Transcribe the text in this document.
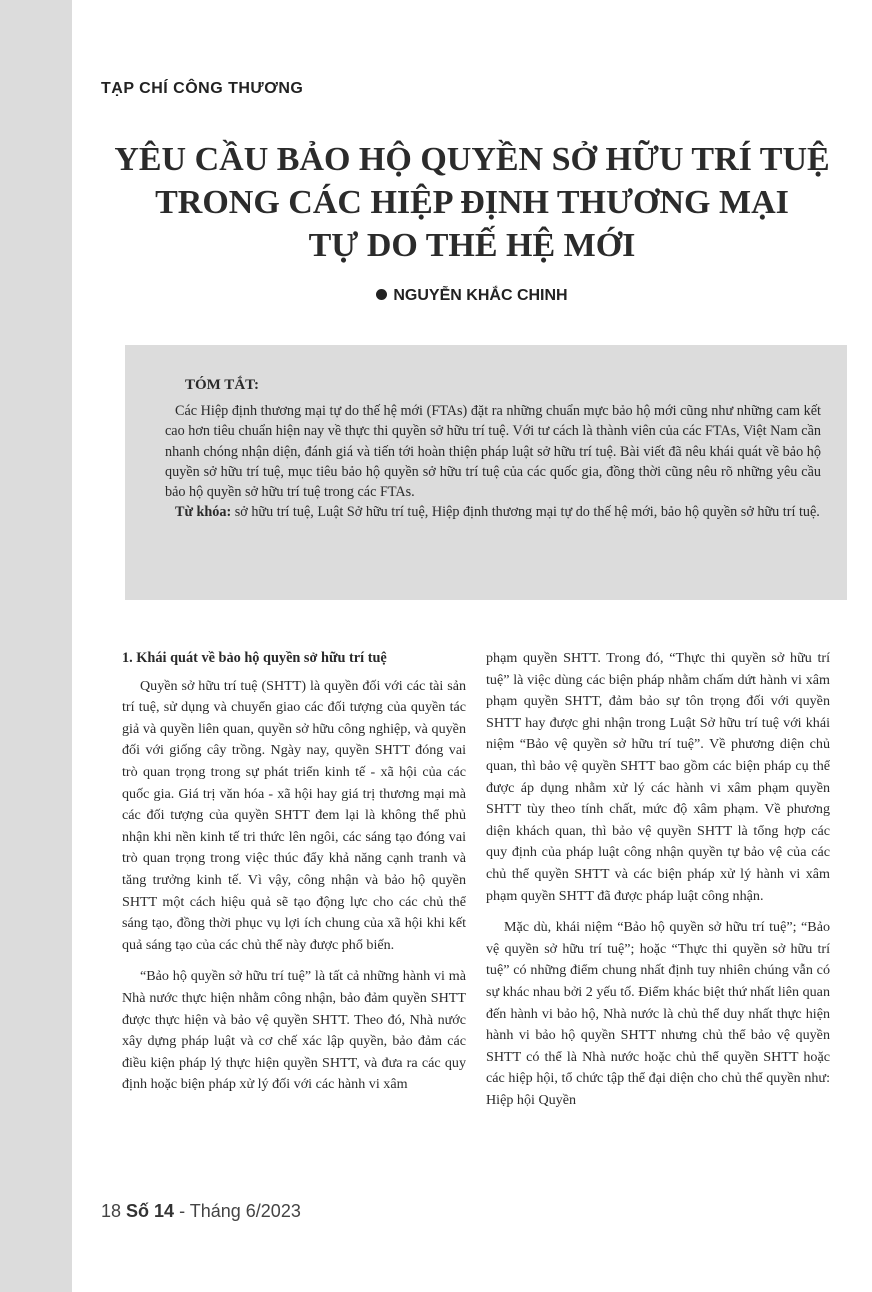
TẠP CHÍ CÔNG THƯƠNG

YÊU CẦU BẢO HỘ QUYỀN SỞ HỮU TRÍ TUỆ
TRONG CÁC HIỆP ĐỊNH THƯƠNG MẠI
TỰ DO THẾ HỆ MỚI

NGUYỄN KHẮC CHINH

TÓM TẮT:

Các Hiệp định thương mại tự do thế hệ mới (FTAs) đặt ra những chuẩn mực bảo hộ mới cũng như những cam kết cao hơn tiêu chuẩn hiện nay về thực thi quyền sở hữu trí tuệ. Với tư cách là thành viên của các FTAs, Việt Nam cần nhanh chóng nhận diện, đánh giá và tiến tới hoàn thiện pháp luật sở hữu trí tuệ. Bài viết đã nêu khái quát về bảo hộ quyền sở hữu trí tuệ, mục tiêu bảo hộ quyền sở hữu trí tuệ của các quốc gia, đồng thời cũng nêu rõ những yêu cầu bảo hộ quyền sở hữu trí tuệ trong các FTAs.

Từ khóa: sở hữu trí tuệ, Luật Sở hữu trí tuệ, Hiệp định thương mại tự do thế hệ mới, bảo hộ quyền sở hữu trí tuệ.

1. Khái quát về bảo hộ quyền sở hữu trí tuệ

Quyền sở hữu trí tuệ (SHTT) là quyền đối với các tài sản trí tuệ, sử dụng và chuyển giao các đối tượng của quyền tác giả và quyền liên quan, quyền sở hữu công nghiệp, và quyền đối với giống cây trồng. Ngày nay, quyền SHTT đóng vai trò quan trọng trong sự phát triển kinh tế - xã hội của các quốc gia. Giá trị văn hóa - xã hội hay giá trị thương mại mà các đối tượng của quyền SHTT đem lại là không thể phủ nhận khi nền kinh tế tri thức lên ngôi, các sáng tạo đóng vai trò quan trọng trong việc thúc đẩy khả năng cạnh tranh và tăng trưởng kinh tế. Vì vậy, công nhận và bảo hộ quyền SHTT một cách hiệu quả sẽ tạo động lực cho các chủ thể sáng tạo, đồng thời phục vụ lợi ích chung của xã hội khi kết quả sáng tạo của các chủ thể này được phổ biến.

“Bảo hộ quyền sở hữu trí tuệ” là tất cả những hành vi mà Nhà nước thực hiện nhằm công nhận, bảo đảm quyền SHTT được thực hiện và bảo vệ quyền SHTT. Theo đó, Nhà nước xây dựng pháp luật và cơ chế xác lập quyền, bảo đảm các điều kiện pháp lý thực hiện quyền SHTT, và đưa ra các quy định hoặc biện pháp xử lý đối với các hành vi xâm

phạm quyền SHTT. Trong đó, “Thực thi quyền sở hữu trí tuệ” là việc dùng các biện pháp nhằm chấm dứt hành vi xâm phạm quyền SHTT, đảm bảo sự tôn trọng đối với quyền SHTT hay được ghi nhận trong Luật Sở hữu trí tuệ với khái niệm “Bảo vệ quyền sở hữu trí tuệ”. Về phương diện chủ quan, thì bảo vệ quyền SHTT bao gồm các biện pháp cụ thể được áp dụng nhằm xử lý các hành vi xâm phạm quyền SHTT tùy theo tính chất, mức độ xâm phạm. Về phương diện khách quan, thì bảo vệ quyền SHTT là tổng hợp các quy định của pháp luật công nhận quyền tự bảo vệ của các chủ thể quyền SHTT và các biện pháp xử lý hành vi xâm phạm quyền SHTT đã được pháp luật công nhận.

Mặc dù, khái niệm “Bảo hộ quyền sở hữu trí tuệ”; “Bảo vệ quyền sở hữu trí tuệ”; hoặc “Thực thi quyền sở hữu trí tuệ” có những điểm chung nhất định tuy nhiên chúng vẫn có sự khác nhau bởi 2 yếu tố. Điểm khác biệt thứ nhất liên quan đến hành vi bảo hộ, Nhà nước là chủ thể duy nhất thực hiện hành vi bảo hộ quyền SHTT nhưng chủ thể bảo vệ quyền SHTT có thể là Nhà nước hoặc chủ thể quyền SHTT hoặc các hiệp hội, tổ chức tập thể đại diện cho chủ thể quyền như: Hiệp hội Quyền

18 Số 14 - Tháng 6/2023
